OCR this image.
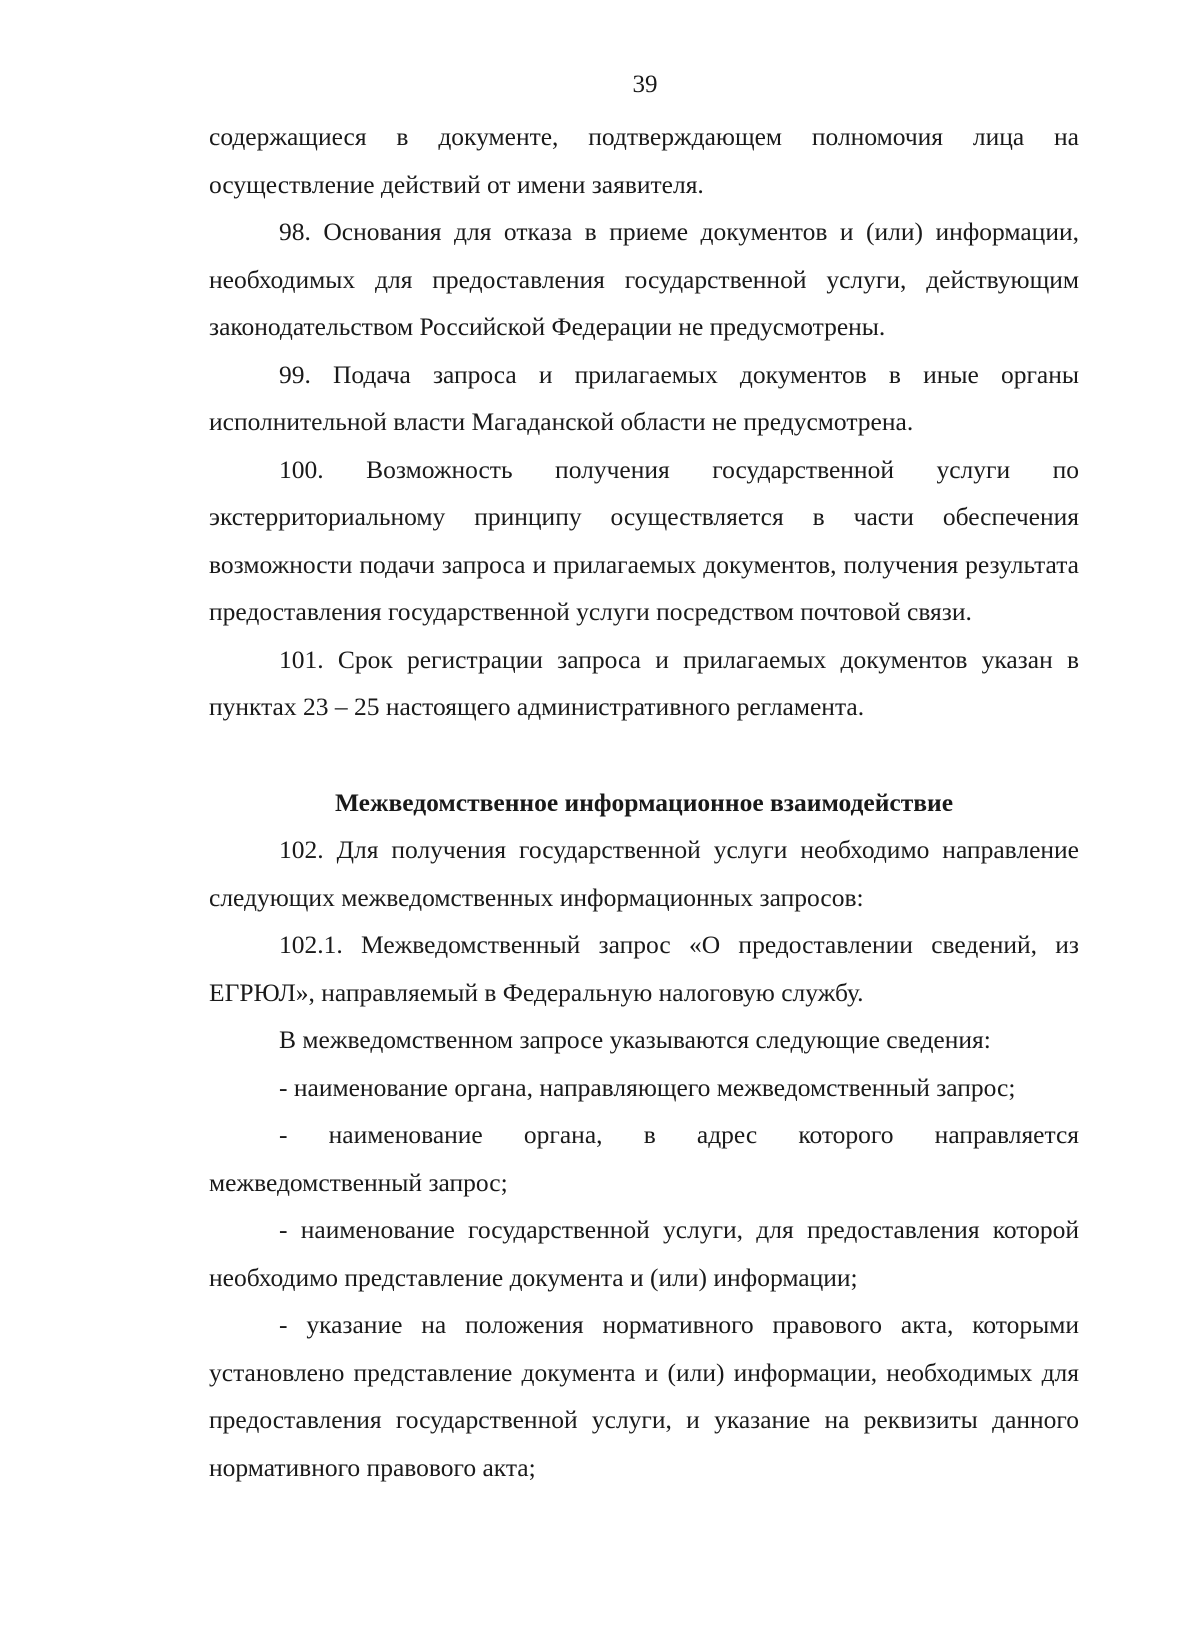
39

содержащиеся в документе, подтверждающем полномочия лица на осуществление действий от имени заявителя.

98. Основания для отказа в приеме документов и (или) информации, необходимых для предоставления государственной услуги, действующим законодательством Российской Федерации не предусмотрены.

99. Подача запроса и прилагаемых документов в иные органы исполнительной власти Магаданской области не предусмотрена.

100. Возможность получения государственной услуги по экстерриториальному принципу осуществляется в части обеспечения возможности подачи запроса и прилагаемых документов, получения результата предоставления государственной услуги посредством почтовой связи.

101. Срок регистрации запроса и прилагаемых документов указан в пунктах 23 – 25 настоящего административного регламента.

Межведомственное информационное взаимодействие

102. Для получения государственной услуги необходимо направление следующих межведомственных информационных запросов:

102.1. Межведомственный запрос «О предоставлении сведений, из ЕГРЮЛ», направляемый в Федеральную налоговую службу.

В межведомственном запросе указываются следующие сведения:

- наименование органа, направляющего межведомственный запрос;

- наименование органа, в адрес которого направляется межведомственный запрос;

- наименование государственной услуги, для предоставления которой необходимо представление документа и (или) информации;

- указание на положения нормативного правового акта, которыми установлено представление документа и (или) информации, необходимых для предоставления государственной услуги, и указание на реквизиты данного нормативного правового акта;
